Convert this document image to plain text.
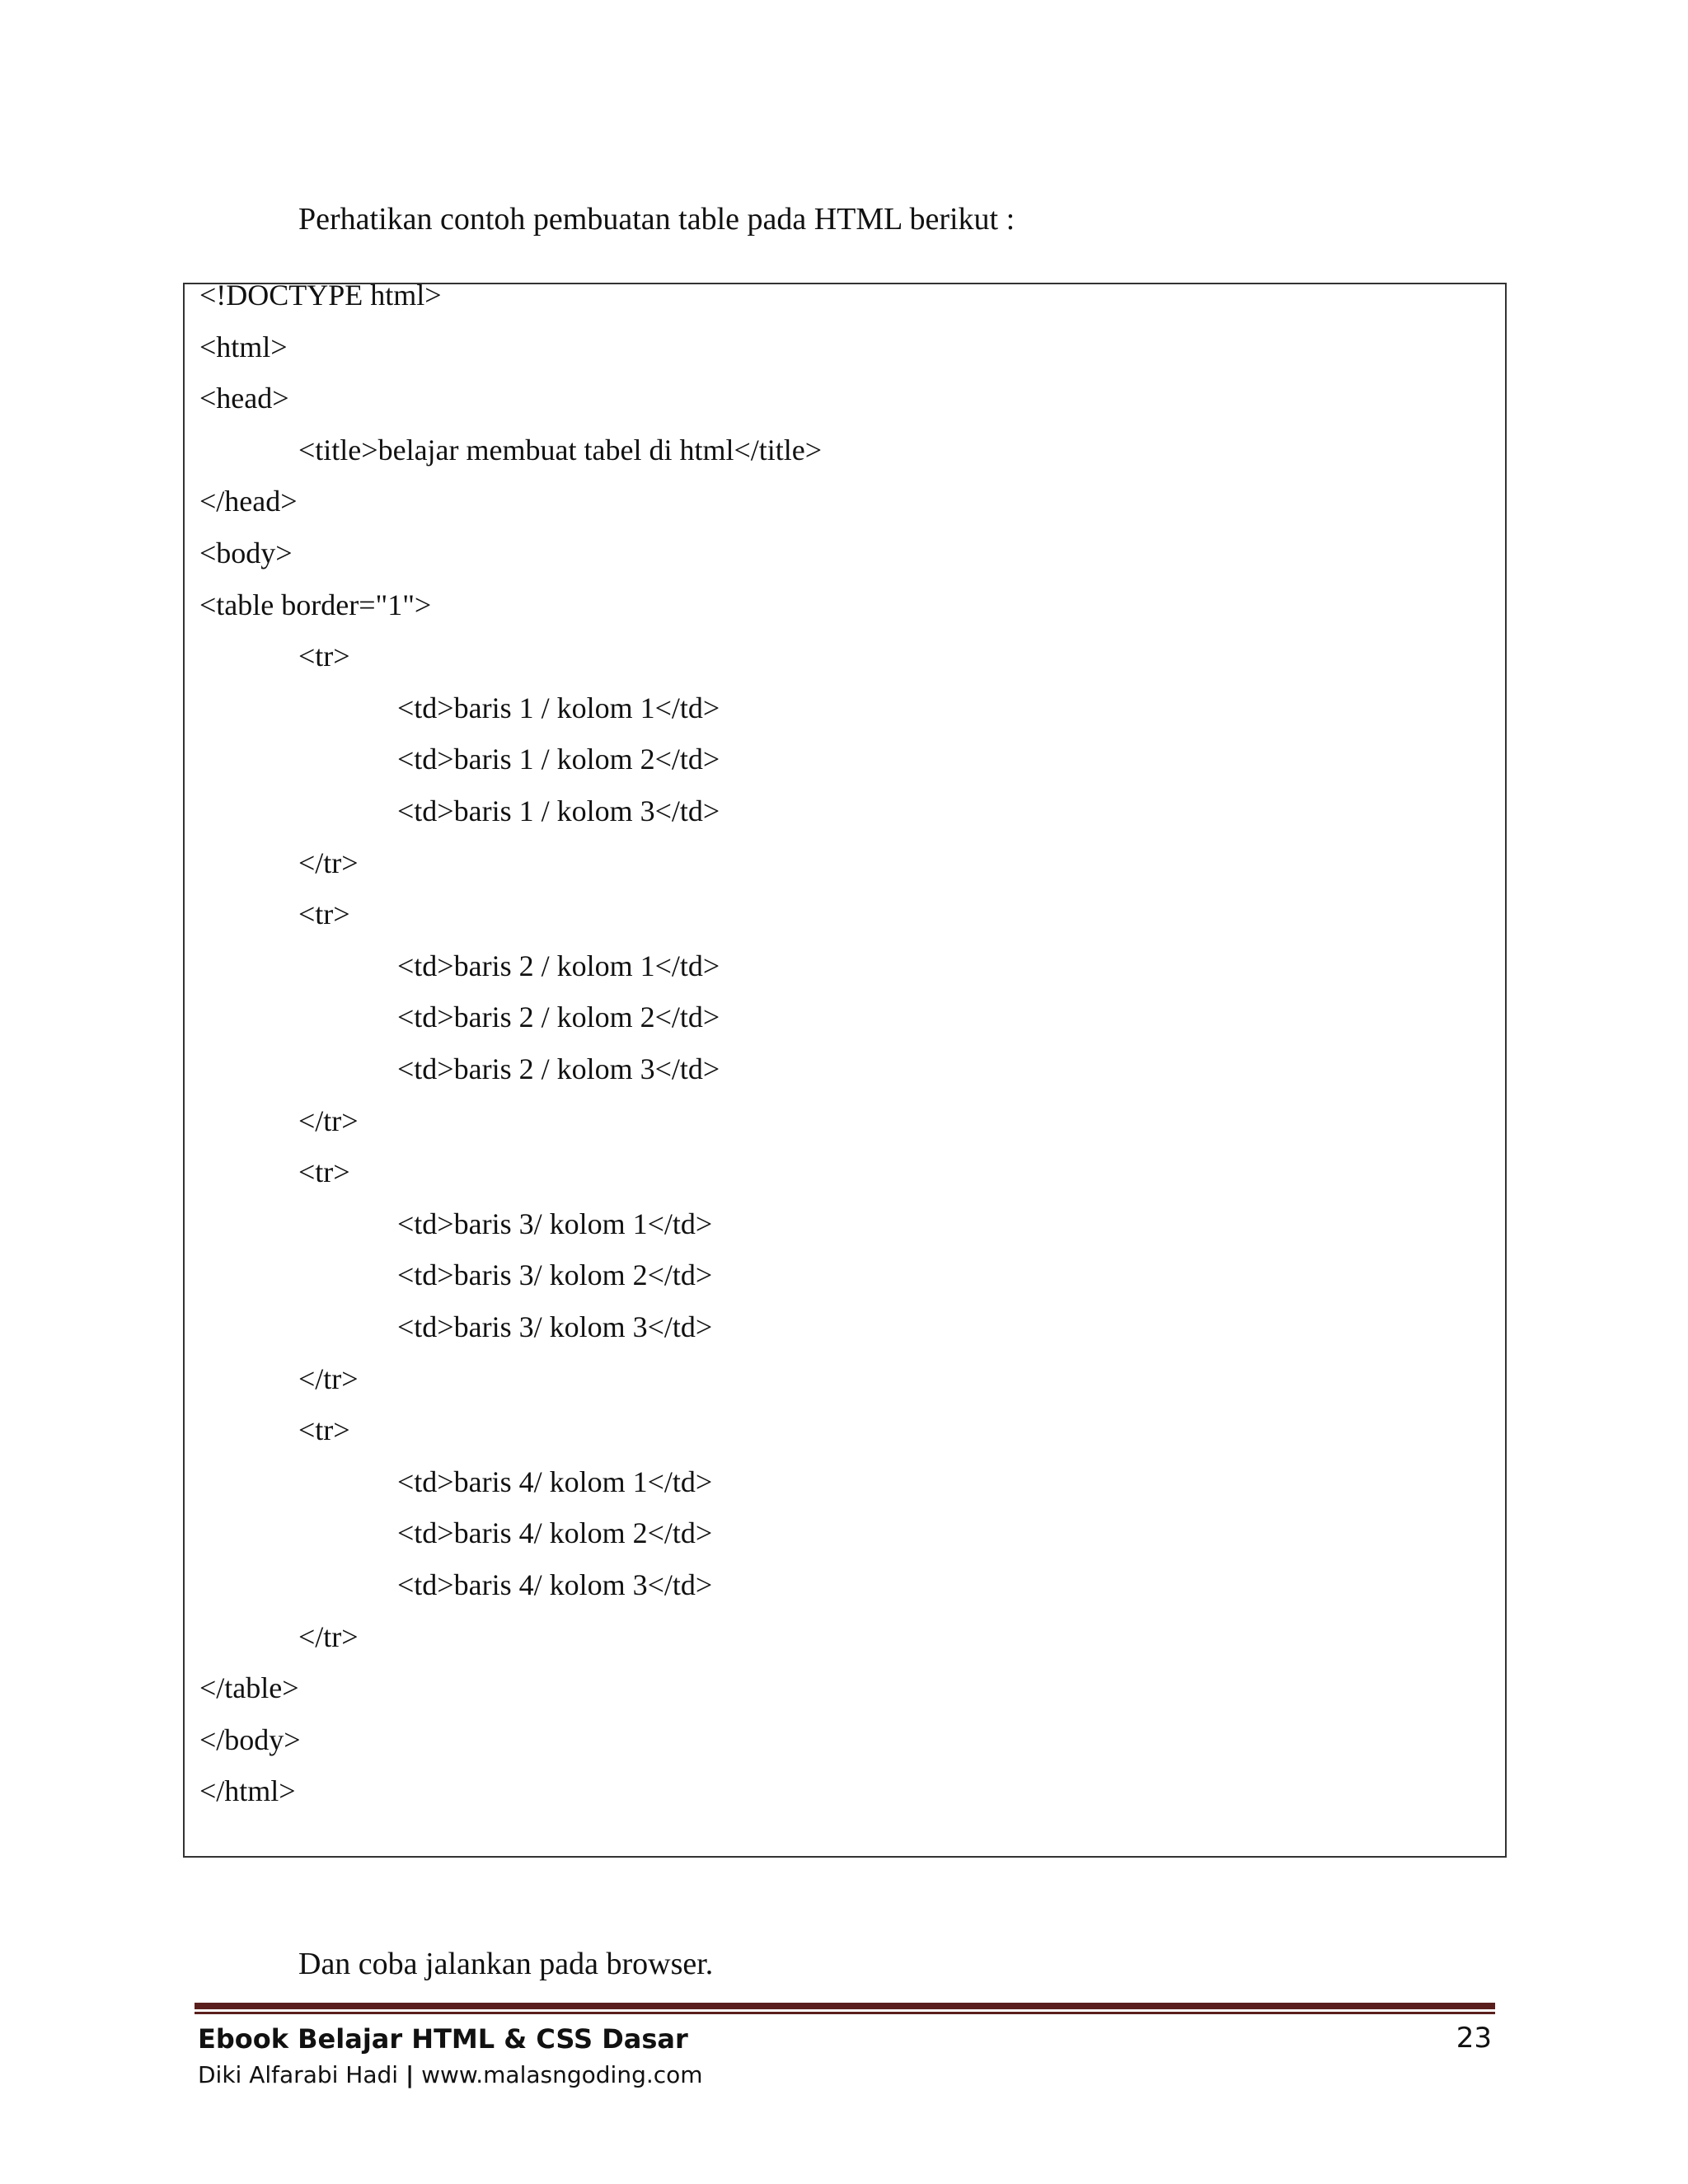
Perhatikan contoh pembuatan table pada HTML berikut :
<!DOCTYPE html>
<html>
<head>
<title>belajar membuat tabel di html</title>
</head>
<body>
<table border="1">
<tr>
<td>baris 1 / kolom 1</td>
<td>baris 1 / kolom 2</td>
<td>baris 1 / kolom 3</td>
</tr>
<tr>
<td>baris 2 / kolom 1</td>
<td>baris 2 / kolom 2</td>
<td>baris 2 / kolom 3</td>
</tr>
<tr>
<td>baris 3/ kolom 1</td>
<td>baris 3/ kolom 2</td>
<td>baris 3/ kolom 3</td>
</tr>
<tr>
<td>baris 4/ kolom 1</td>
<td>baris 4/ kolom 2</td>
<td>baris 4/ kolom 3</td>
</tr>
</table>
</body>
</html>
Dan coba jalankan pada browser.
Ebook Belajar HTML & CSS Dasar
Diki Alfarabi Hadi | www.malasngoding.com
23
